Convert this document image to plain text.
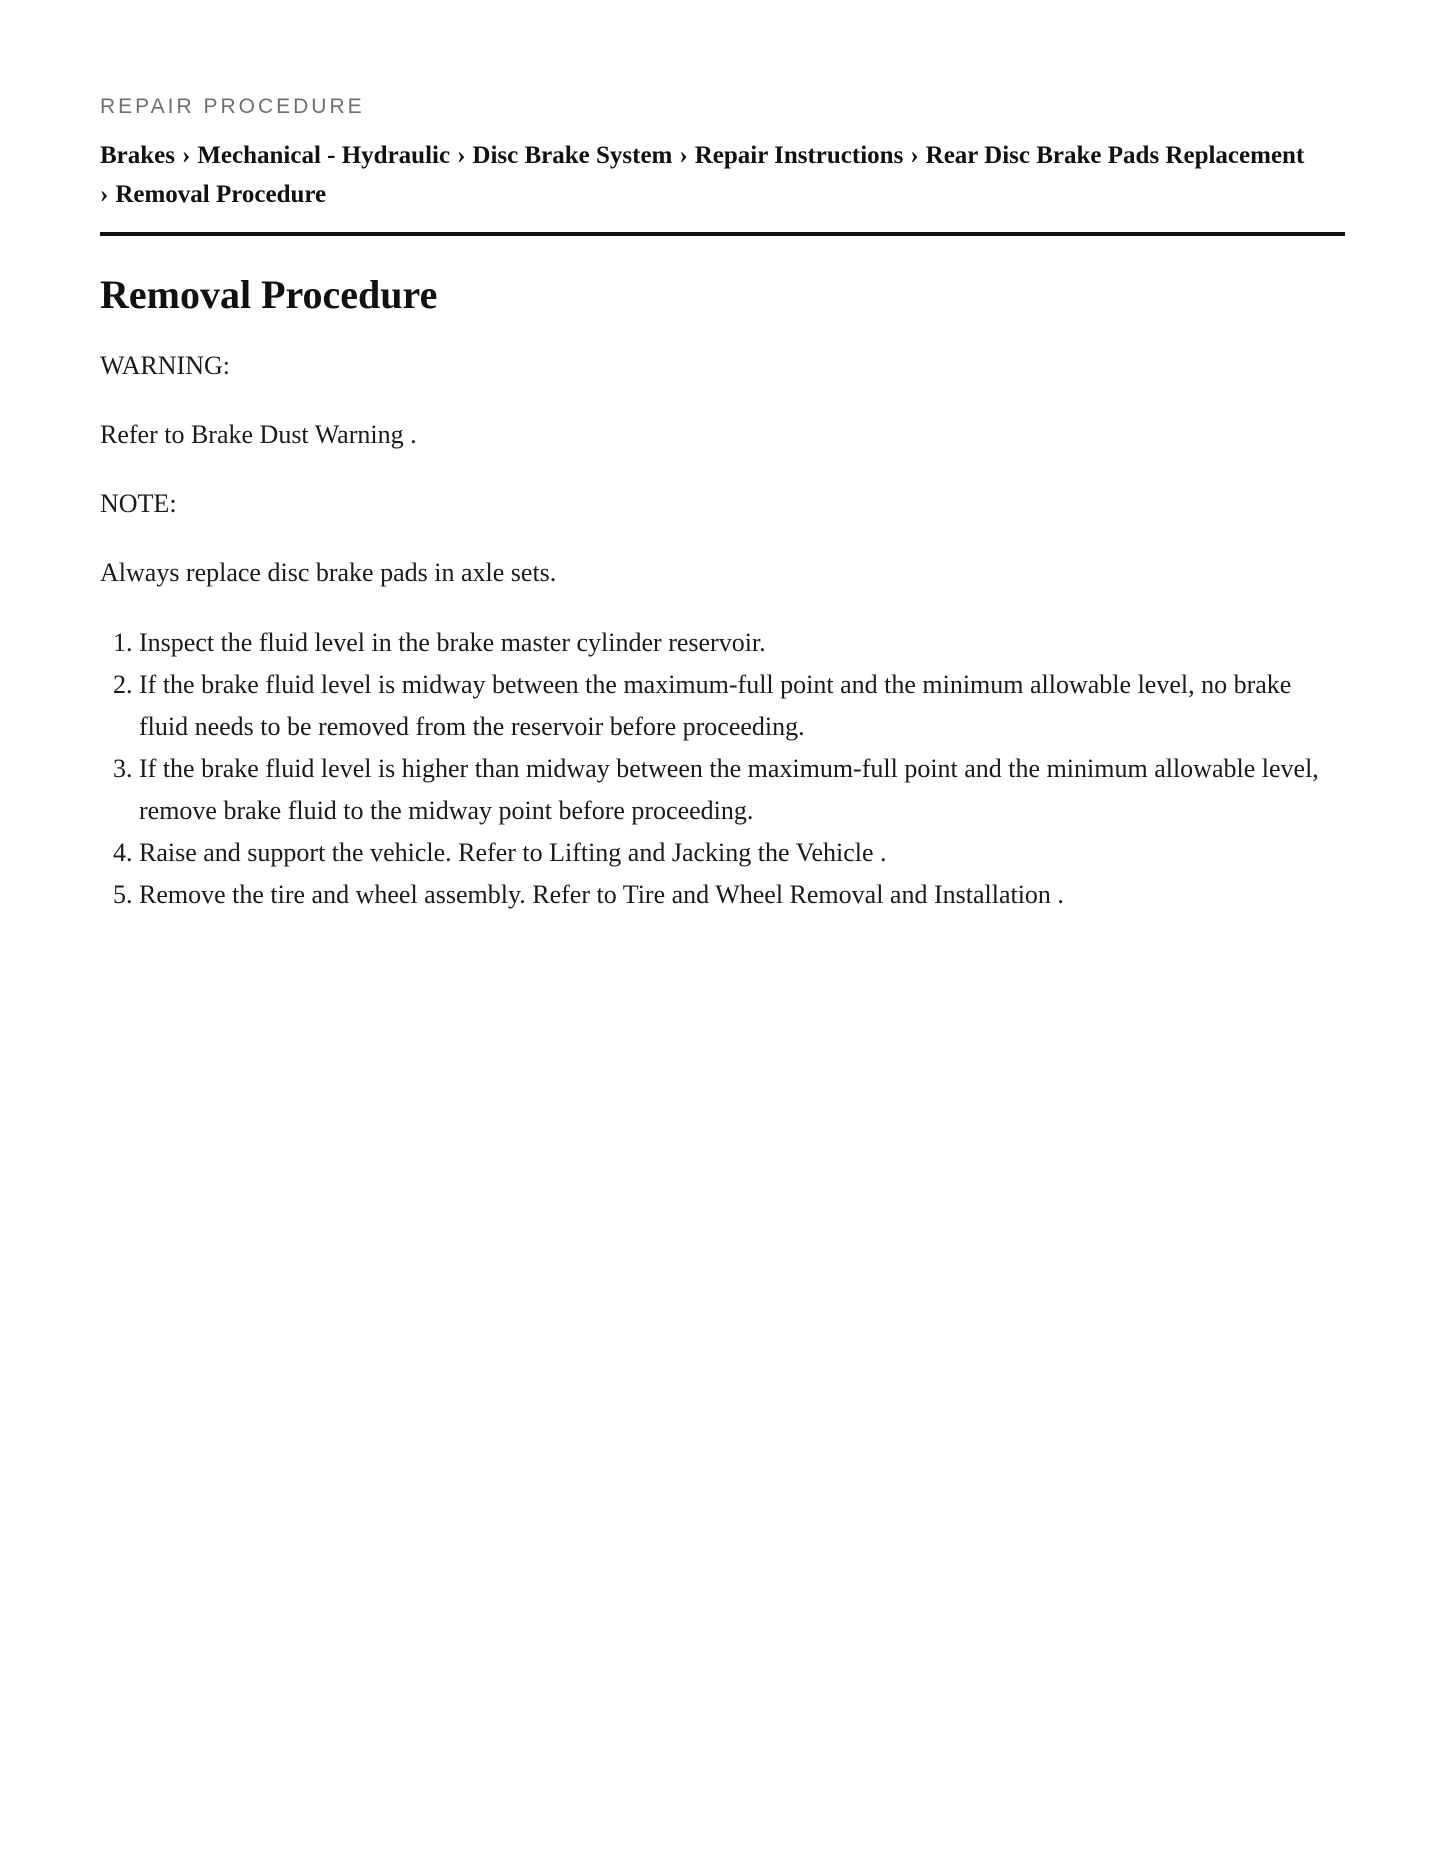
REPAIR PROCEDURE
Brakes › Mechanical - Hydraulic › Disc Brake System › Repair Instructions › Rear Disc Brake Pads Replacement
› Removal Procedure
Removal Procedure

WARNING:

Refer to Brake Dust Warning .

NOTE:

Always replace disc brake pads in axle sets.

1. Inspect the fluid level in the brake master cylinder reservoir.
2. If the brake fluid level is midway between the maximum-full point and the minimum allowable level, no brake fluid needs to be removed from the reservoir before proceeding.
3. If the brake fluid level is higher than midway between the maximum-full point and the minimum allowable level, remove brake fluid to the midway point before proceeding.
4. Raise and support the vehicle. Refer to Lifting and Jacking the Vehicle .
5. Remove the tire and wheel assembly. Refer to Tire and Wheel Removal and Installation .
